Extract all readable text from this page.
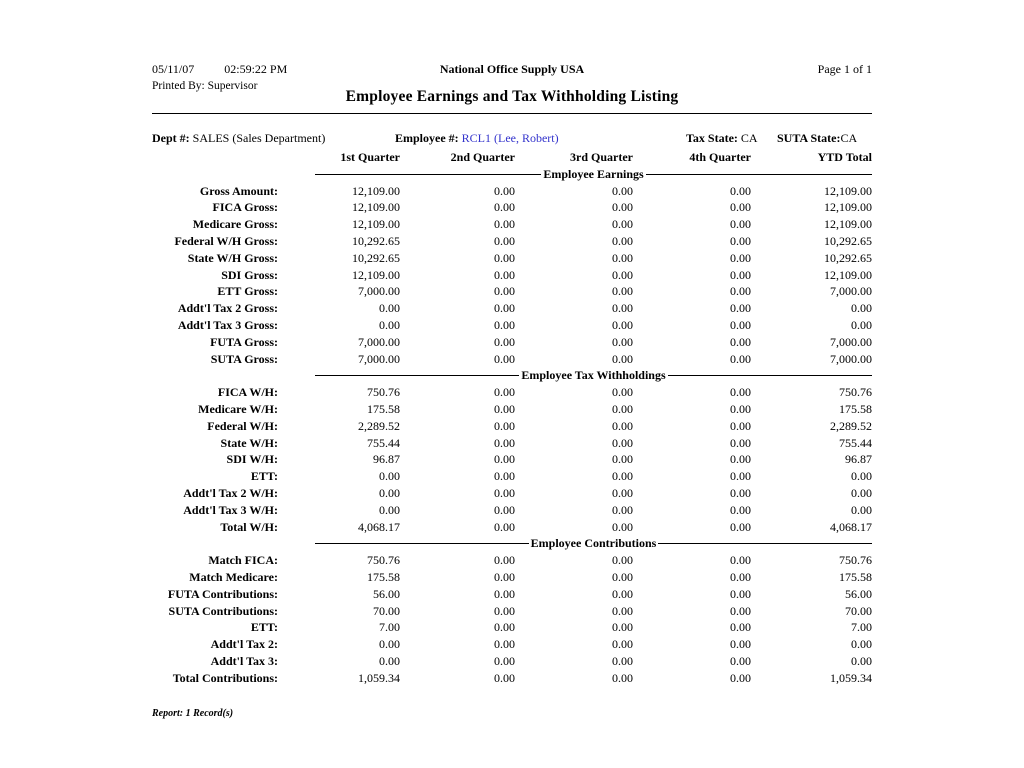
05/11/07	02:59:22 PM	National Office Supply USA	Page 1 of 1
Printed By: Supervisor
Employee Earnings and Tax Withholding Listing
Dept #: SALES (Sales Department)	Employee #: RCL1 (Lee, Robert)	Tax State: CA SUTA State:CA
1st Quarter	2nd Quarter	3rd Quarter	4th Quarter	YTD Total
Employee Earnings
Gross Amount:	12,109.00	0.00	0.00	0.00	12,109.00
FICA Gross:	12,109.00	0.00	0.00	0.00	12,109.00
Medicare Gross:	12,109.00	0.00	0.00	0.00	12,109.00
Federal W/H Gross:	10,292.65	0.00	0.00	0.00	10,292.65
State W/H Gross:	10,292.65	0.00	0.00	0.00	10,292.65
SDI Gross:	12,109.00	0.00	0.00	0.00	12,109.00
ETT Gross:	7,000.00	0.00	0.00	0.00	7,000.00
Addt'l Tax 2 Gross:	0.00	0.00	0.00	0.00	0.00
Addt'l Tax 3 Gross:	0.00	0.00	0.00	0.00	0.00
FUTA Gross:	7,000.00	0.00	0.00	0.00	7,000.00
SUTA Gross:	7,000.00	0.00	0.00	0.00	7,000.00
Employee Tax Withholdings
FICA W/H:	750.76	0.00	0.00	0.00	750.76
Medicare W/H:	175.58	0.00	0.00	0.00	175.58
Federal W/H:	2,289.52	0.00	0.00	0.00	2,289.52
State W/H:	755.44	0.00	0.00	0.00	755.44
SDI W/H:	96.87	0.00	0.00	0.00	96.87
ETT:	0.00	0.00	0.00	0.00	0.00
Addt'l Tax 2 W/H:	0.00	0.00	0.00	0.00	0.00
Addt'l Tax 3 W/H:	0.00	0.00	0.00	0.00	0.00
Total W/H:	4,068.17	0.00	0.00	0.00	4,068.17
Employee Contributions
Match FICA:	750.76	0.00	0.00	0.00	750.76
Match Medicare:	175.58	0.00	0.00	0.00	175.58
FUTA Contributions:	56.00	0.00	0.00	0.00	56.00
SUTA Contributions:	70.00	0.00	0.00	0.00	70.00
ETT:	7.00	0.00	0.00	0.00	7.00
Addt'l Tax 2:	0.00	0.00	0.00	0.00	0.00
Addt'l Tax 3:	0.00	0.00	0.00	0.00	0.00
Total Contributions:	1,059.34	0.00	0.00	0.00	1,059.34
Report: 1 Record(s)
